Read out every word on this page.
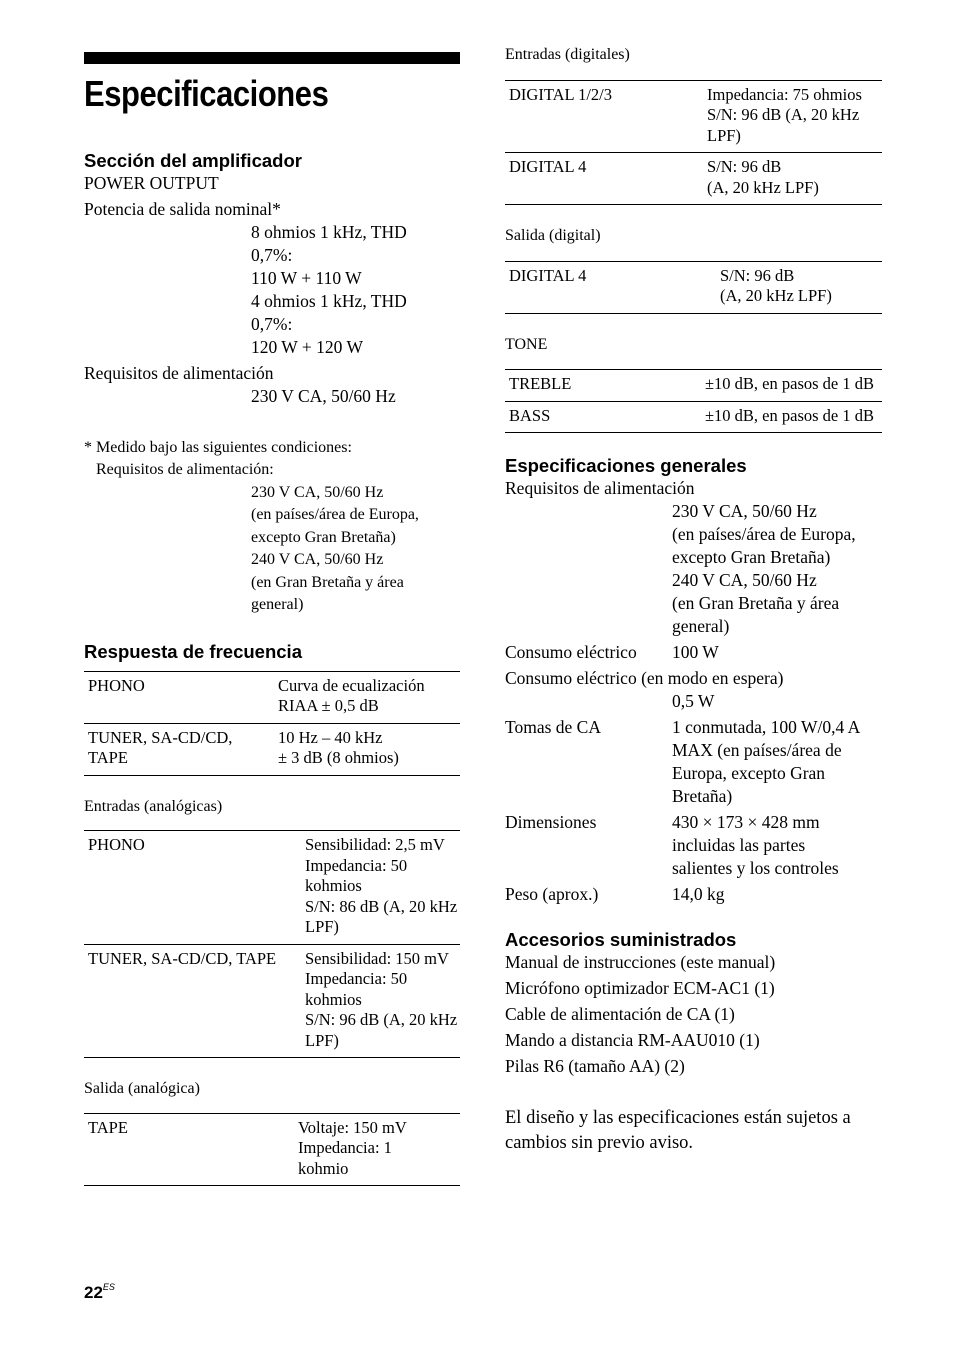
Especificaciones
Sección del amplificador
POWER OUTPUT
Potencia de salida nominal*
8 ohmios 1 kHz, THD
0,7%:
110 W + 110 W
4 ohmios 1 kHz, THD
0,7%:
120 W + 120 W
Requisitos de alimentación
230 V CA, 50/60 Hz
* Medido bajo las siguientes condiciones:
Requisitos de alimentación:
230 V CA, 50/60 Hz
(en países/área de Europa,
excepto Gran Bretaña)
240 V CA, 50/60 Hz
(en Gran Bretaña y área
general)
Respuesta de frecuencia
PHONO	Curva de ecualización
RIAA ± 0,5 dB

TUNER, SA-CD/CD, TAPE	10 Hz – 40 kHz
± 3 dB (8 ohmios)
Entradas (analógicas)
PHONO	Sensibilidad: 2,5 mV
Impedancia: 50
kohmios
S/N: 86 dB (A, 20 kHz
LPF)

TUNER, SA-CD/CD, TAPE	Sensibilidad: 150 mV
Impedancia: 50
kohmios
S/N: 96 dB (A, 20 kHz
LPF)
Salida (analógica)
TAPE	Voltaje: 150 mV
Impedancia: 1
kohmio
Entradas (digitales)
DIGITAL 1/2/3	Impedancia: 75 ohmios
S/N: 96 dB (A, 20 kHz
LPF)

DIGITAL 4	S/N: 96 dB
(A, 20 kHz LPF)
Salida (digital)
DIGITAL 4	S/N: 96 dB
(A, 20 kHz LPF)
TONE
TREBLE	±10 dB, en pasos de 1 dB
BASS	±10 dB, en pasos de 1 dB
Especificaciones generales
Requisitos de alimentación
230 V CA, 50/60 Hz
(en países/área de Europa,
excepto Gran Bretaña)
240 V CA, 50/60 Hz
(en Gran Bretaña y área
general)
Consumo eléctrico	100 W
Consumo eléctrico (en modo en espera)
0,5 W
Tomas de CA	1 conmutada, 100 W/0,4 A
MAX (en países/área de
Europa, excepto Gran
Bretaña)
Dimensiones	430 × 173 × 428 mm
incluidas las partes
salientes y los controles
Peso (aprox.)	14,0 kg
Accesorios suministrados
Manual de instrucciones (este manual)
Micrófono optimizador ECM-AC1 (1)
Cable de alimentación de CA (1)
Mando a distancia RM-AAU010 (1)
Pilas R6 (tamaño AA) (2)
El diseño y las especificaciones están sujetos a cambios sin previo aviso.
$22^{ES}$
